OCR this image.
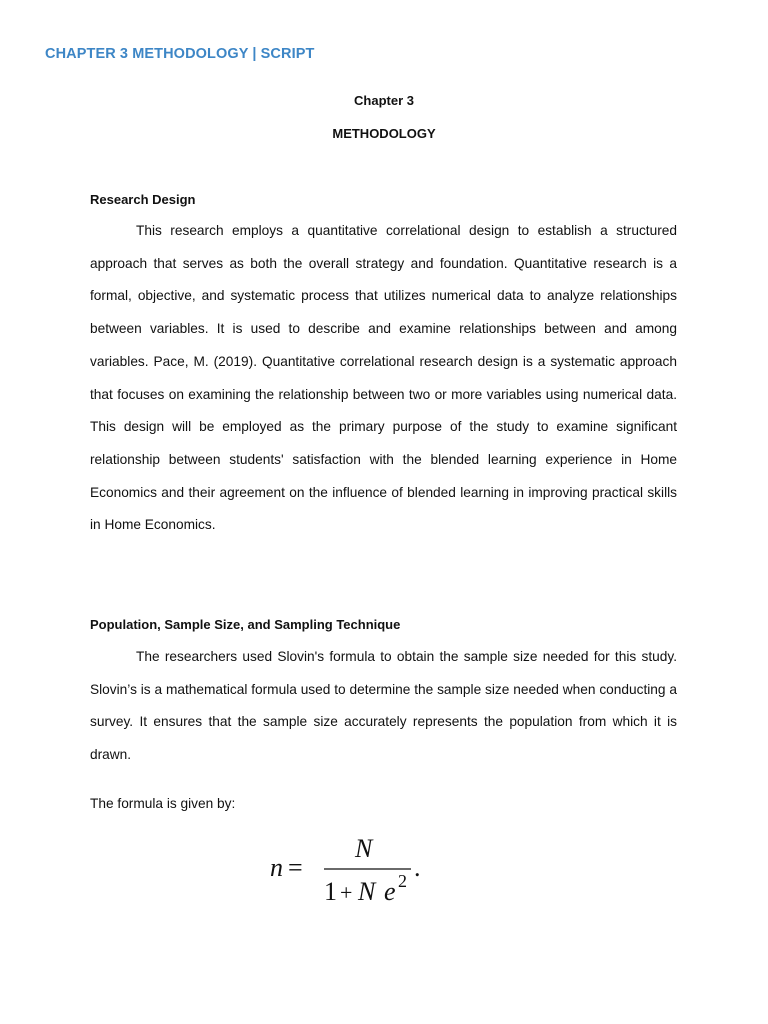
CHAPTER 3 METHODOLOGY | SCRIPT
Chapter 3
METHODOLOGY
Research Design

This research employs a quantitative correlational design to establish a structured approach that serves as both the overall strategy and foundation. Quantitative research is a formal, objective, and systematic process that utilizes numerical data to analyze relationships between variables. It is used to describe and examine relationships between and among variables. Pace, M. (2019). Quantitative correlational research design is a systematic approach that focuses on examining the relationship between two or more variables using numerical data. This design will be employed as the primary purpose of the study to examine significant relationship between students' satisfaction with the blended learning experience in Home Economics and their agreement on the influence of blended learning in improving practical skills in Home Economics.

Population, Sample Size, and Sampling Technique

The researchers used Slovin's formula to obtain the sample size needed for this study. Slovin’s is a mathematical formula used to determine the sample size needed when conducting a survey. It ensures that the sample size accurately represents the population from which it is drawn.

The formula is given by:
n =
N
1 + N e 2 .
